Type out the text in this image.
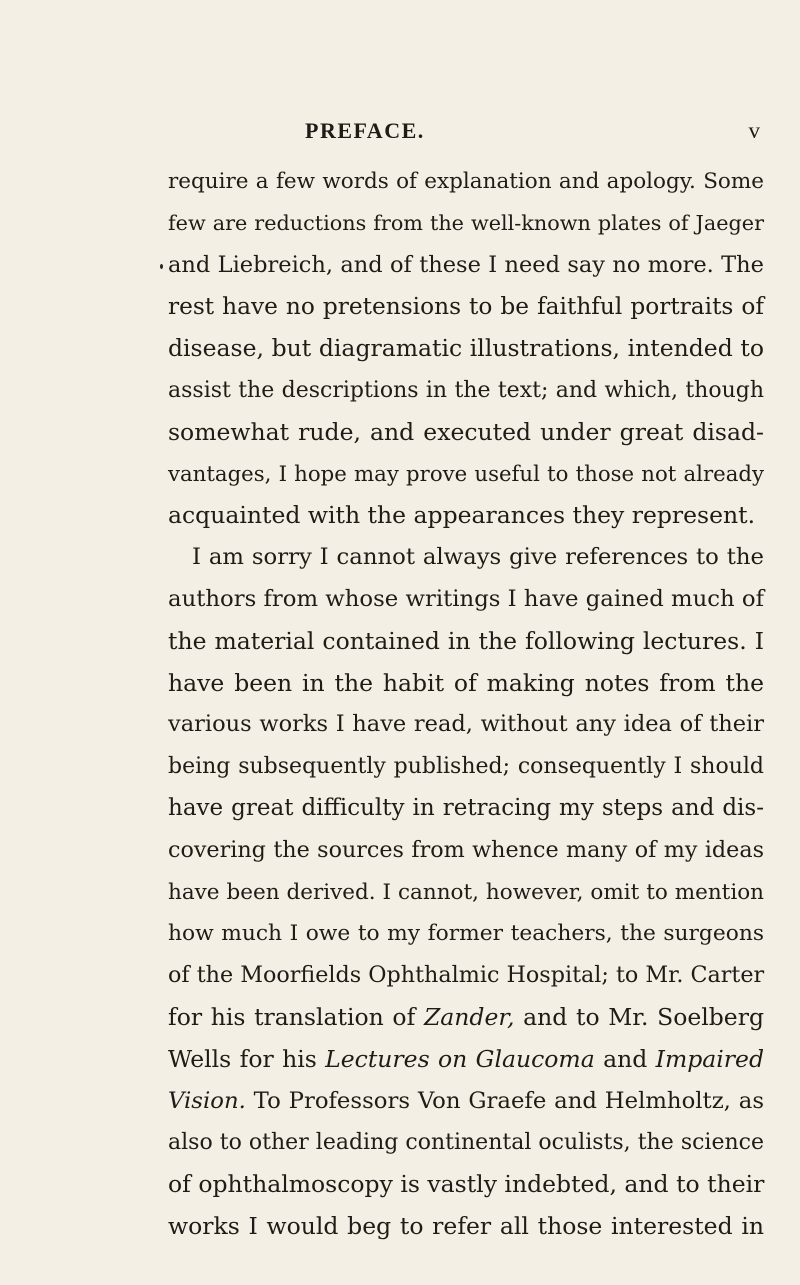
PREFACE.	v
require a few words of explanation and apology. Some
few are reductions from the well-known plates of Jaeger
and Liebreich, and of these I need say no more. The
rest have no pretensions to be faithful portraits of
disease, but diagramatic illustrations, intended to
assist the descriptions in the text; and which, though
somewhat rude, and executed under great disad-
vantages, I hope may prove useful to those not already
acquainted with the appearances they represent.
I am sorry I cannot always give references to the
authors from whose writings I have gained much of
the material contained in the following lectures. I
have been in the habit of making notes from the
various works I have read, without any idea of their
being subsequently published; consequently I should
have great difficulty in retracing my steps and dis-
covering the sources from whence many of my ideas
have been derived. I cannot, however, omit to mention
how much I owe to my former teachers, the surgeons
of the Moorfields Ophthalmic Hospital; to Mr. Carter
for his translation of Zander, and to Mr. Soelberg
Wells for his Lectures on Glaucoma and Impaired
Vision. To Professors Von Graefe and Helmholtz, as
also to other leading continental oculists, the science
of ophthalmoscopy is vastly indebted, and to their
works I would beg to refer all those interested in
